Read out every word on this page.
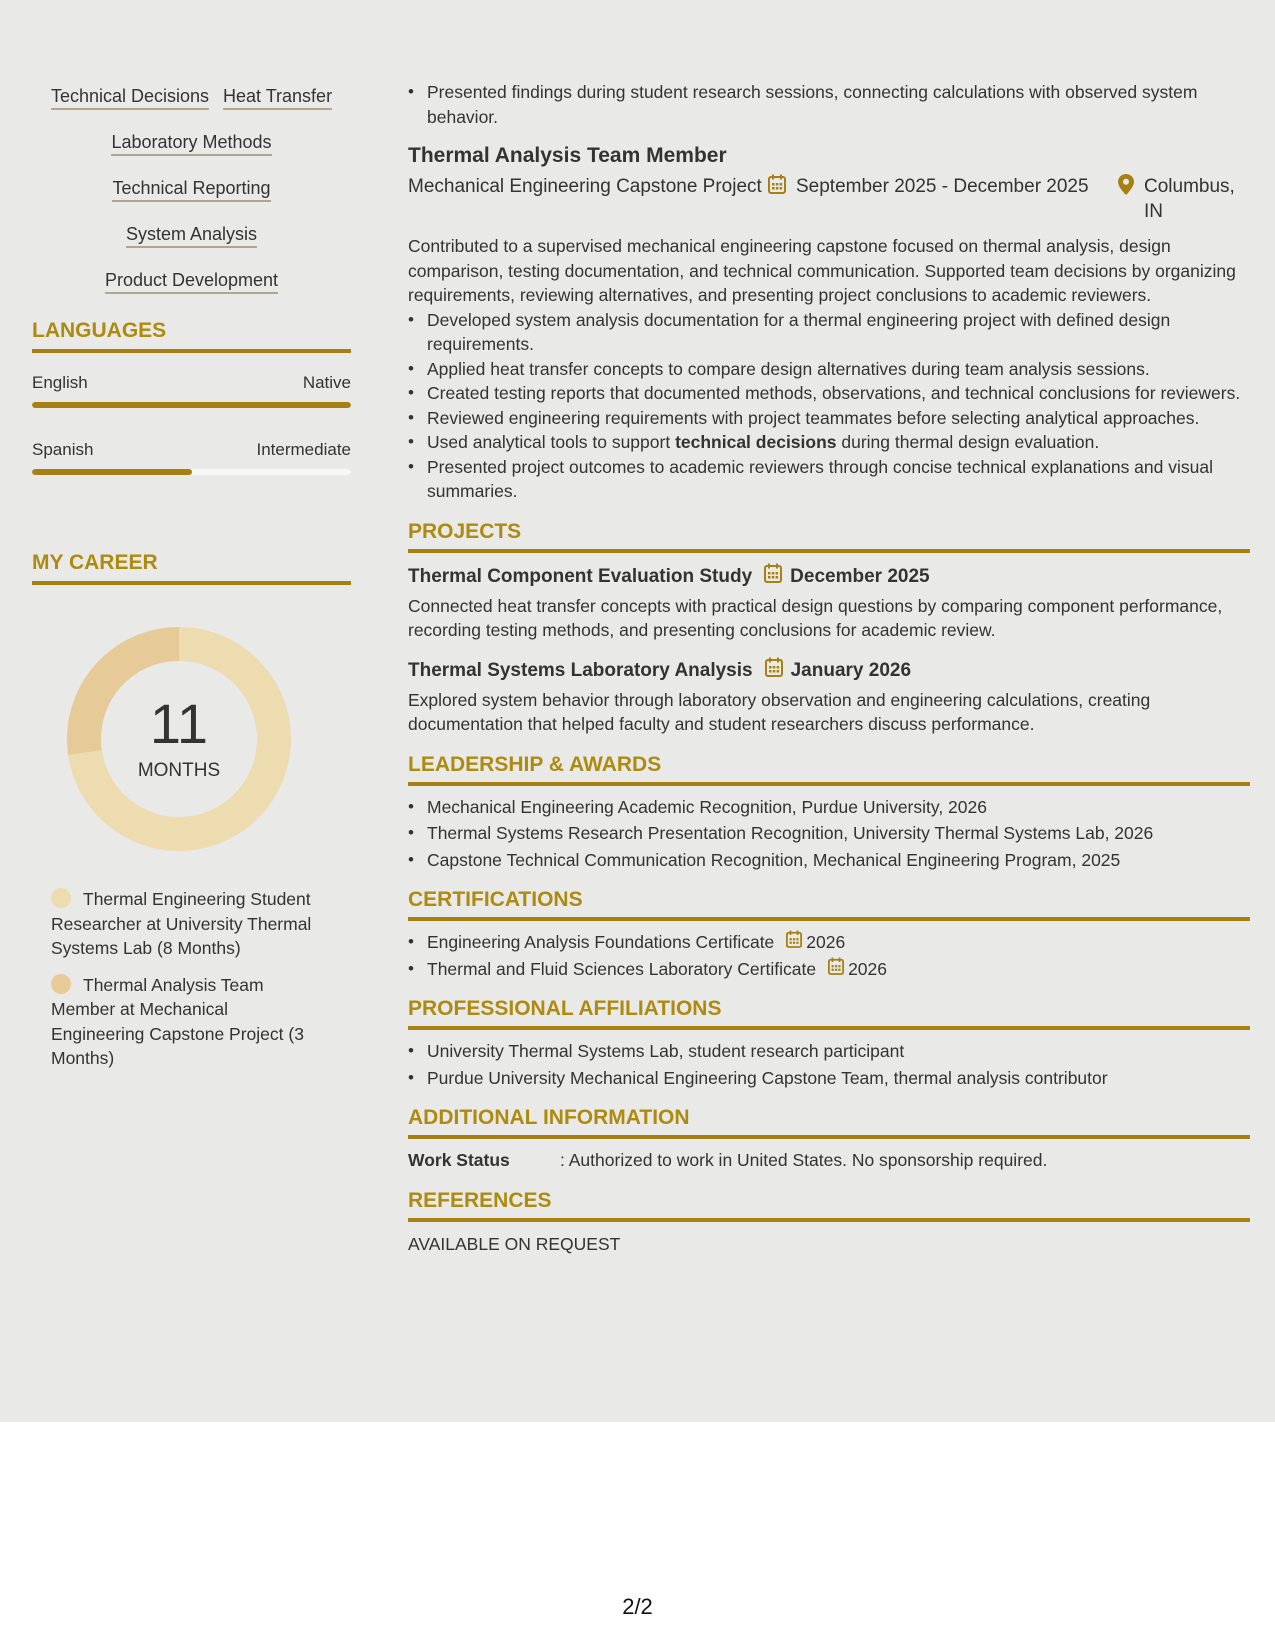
Technical Decisions Heat Transfer
Laboratory Methods
Technical Reporting
System Analysis
Product Development
LANGUAGES
English	Native
Spanish	Intermediate
MY CAREER
11
MONTHS
Thermal Engineering Student Researcher at University Thermal Systems Lab (8 Months)
Thermal Analysis Team Member at Mechanical Engineering Capstone Project (3 Months)
• Presented findings during student research sessions, connecting calculations with observed system behavior.
Thermal Analysis Team Member
Mechanical Engineering Capstone Project	September 2025 - December 2025	Columbus, IN
Contributed to a supervised mechanical engineering capstone focused on thermal analysis, design comparison, testing documentation, and technical communication. Supported team decisions by organizing requirements, reviewing alternatives, and presenting project conclusions to academic reviewers.
• Developed system analysis documentation for a thermal engineering project with defined design requirements.
• Applied heat transfer concepts to compare design alternatives during team analysis sessions.
• Created testing reports that documented methods, observations, and technical conclusions for reviewers.
• Reviewed engineering requirements with project teammates before selecting analytical approaches.
• Used analytical tools to support technical decisions during thermal design evaluation.
• Presented project outcomes to academic reviewers through concise technical explanations and visual summaries.
PROJECTS
Thermal Component Evaluation Study December 2025
Connected heat transfer concepts with practical design questions by comparing component performance, recording testing methods, and presenting conclusions for academic review.
Thermal Systems Laboratory Analysis January 2026
Explored system behavior through laboratory observation and engineering calculations, creating documentation that helped faculty and student researchers discuss performance.
LEADERSHIP & AWARDS
• Mechanical Engineering Academic Recognition, Purdue University, 2026
• Thermal Systems Research Presentation Recognition, University Thermal Systems Lab, 2026
• Capstone Technical Communication Recognition, Mechanical Engineering Program, 2025
CERTIFICATIONS
• Engineering Analysis Foundations Certificate 2026
• Thermal and Fluid Sciences Laboratory Certificate 2026
PROFESSIONAL AFFILIATIONS
• University Thermal Systems Lab, student research participant
• Purdue University Mechanical Engineering Capstone Team, thermal analysis contributor
ADDITIONAL INFORMATION
Work Status	: Authorized to work in United States. No sponsorship required.
REFERENCES
AVAILABLE ON REQUEST
2/2
